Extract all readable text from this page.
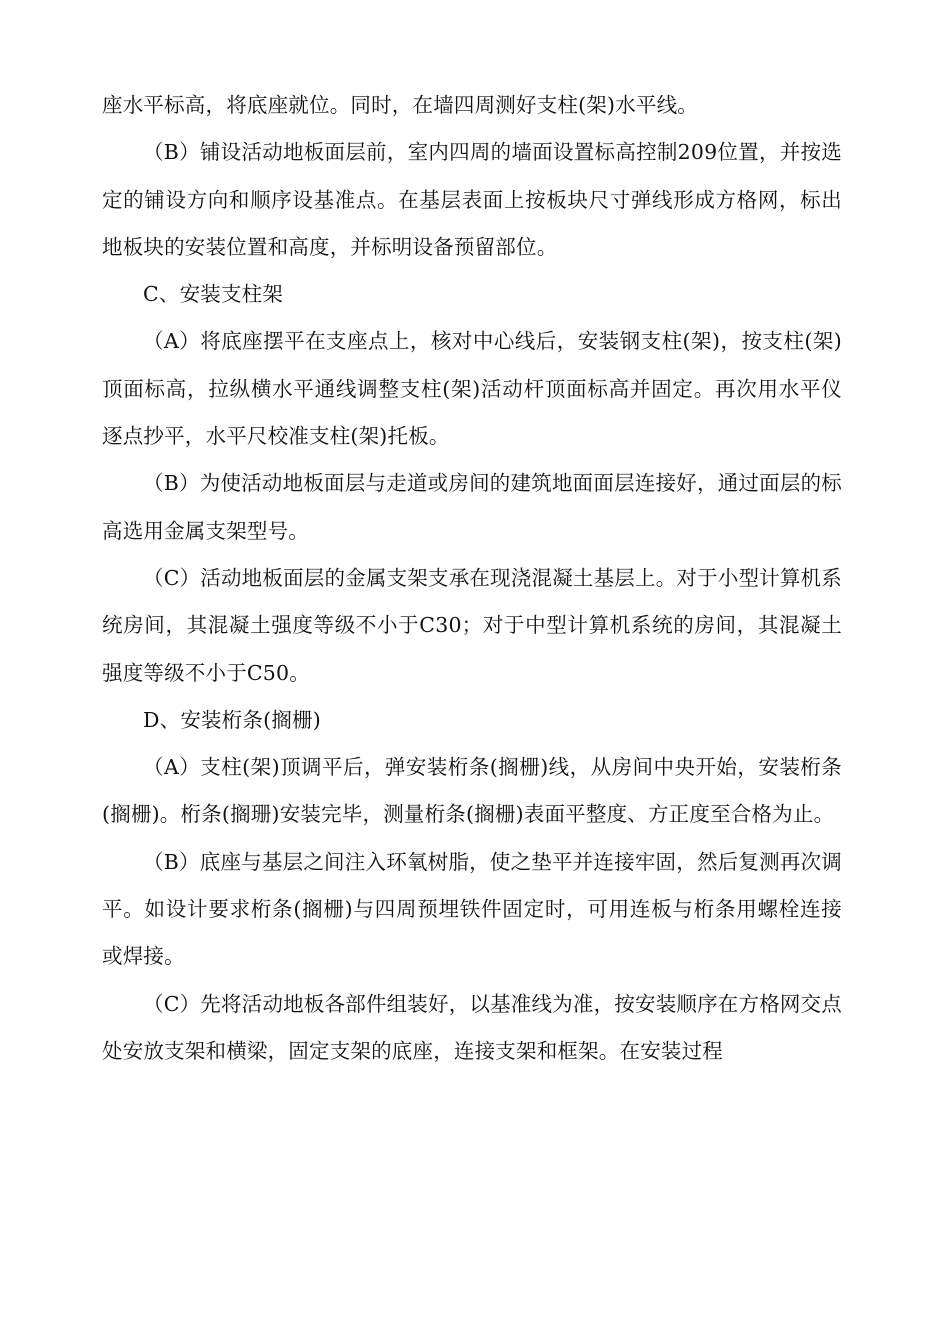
座水平标高，将底座就位。同时，在墙四周测好支柱(架)水平线。

（B）铺设活动地板面层前，室内四周的墙面设置标高控制209位置，并按选定的铺设方向和顺序设基准点。在基层表面上按板块尺寸弹线形成方格网，标出地板块的安装位置和高度，并标明设备预留部位。

C、安装支柱架

（A）将底座摆平在支座点上，核对中心线后，安装钢支柱(架)，按支柱(架)顶面标高，拉纵横水平通线调整支柱(架)活动杆顶面标高并固定。再次用水平仪逐点抄平，水平尺校准支柱(架)托板。

（B）为使活动地板面层与走道或房间的建筑地面面层连接好，通过面层的标高选用金属支架型号。

（C）活动地板面层的金属支架支承在现浇混凝土基层上。对于小型计算机系统房间，其混凝土强度等级不小于C30；对于中型计算机系统的房间，其混凝土强度等级不小于C50。

D、安装桁条(搁栅)

（A）支柱(架)顶调平后，弹安装桁条(搁栅)线，从房间中央开始，安装桁条(搁栅)。桁条(搁珊)安装完毕，测量桁条(搁栅)表面平整度、方正度至合格为止。

（B）底座与基层之间注入环氧树脂，使之垫平并连接牢固，然后复测再次调平。如设计要求桁条(搁栅)与四周预埋铁件固定时，可用连板与桁条用螺栓连接或焊接。

（C）先将活动地板各部件组装好，以基准线为准，按安装顺序在方格网交点处安放支架和横梁，固定支架的底座，连接支架和框架。在安装过程
